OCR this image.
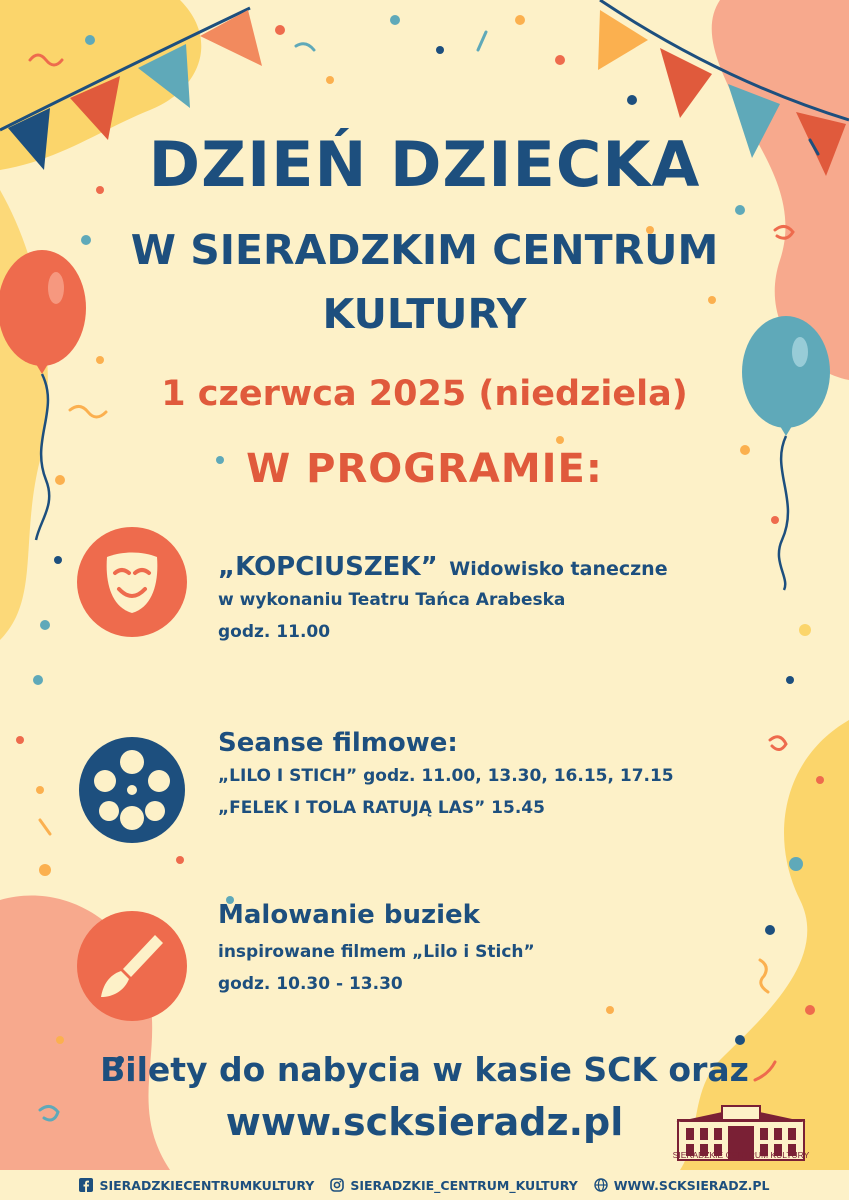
DZIEŃ DZIECKA
W SIERADZKIM CENTRUM
KULTURY
1 czerwca 2025 (niedziela)
W PROGRAMIE:
„KOPCIUSZEK” Widowisko taneczne
w wykonaniu Teatru Tańca Arabeska
godz. 11.00
Seanse filmowe:
„LILO I STICH” godz. 11.00, 13.30, 16.15, 17.15
„FELEK I TOLA RATUJĄ LAS” 15.45
Malowanie buziek
inspirowane filmem „Lilo i Stich”
godz. 10.30 - 13.30
Bilety do nabycia w kasie SCK oraz
www.scksieradz.pl
SIERADZKIE CENTRUM KULTURY
SIERADZKIECENTRUMKULTURY	SIERADZKIE_CENTRUM_KULTURY	WWW.SCKSIERADZ.PL
